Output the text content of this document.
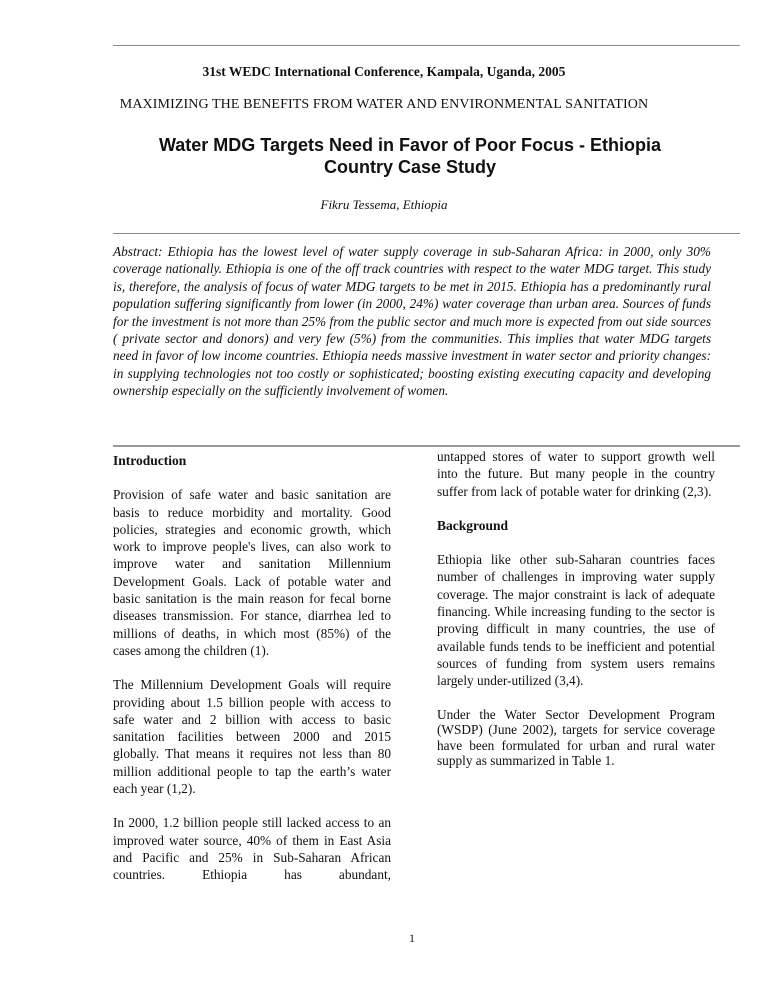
31st WEDC International Conference, Kampala, Uganda, 2005
MAXIMIZING THE BENEFITS FROM WATER AND ENVIRONMENTAL SANITATION
Water MDG Targets Need in Favor of Poor Focus - Ethiopia Country Case Study
Fikru Tessema, Ethiopia

Abstract: Ethiopia has the lowest level of water supply coverage in sub-Saharan Africa: in 2000, only 30% coverage nationally. Ethiopia is one of the off track countries with respect to the water MDG target. This study is, therefore, the analysis of focus of water MDG targets to be met in 2015. Ethiopia has a predominantly rural population suffering significantly from lower (in 2000, 24%) water coverage than urban area. Sources of funds for the investment is not more than 25% from the public sector and much more is expected from out side sources ( private sector and donors) and very few (5%) from the communities. This implies that water MDG targets need in favor of low income countries. Ethiopia needs massive investment in water sector and priority changes: in supplying technologies not too costly or sophisticated; boosting existing executing capacity and developing ownership especially on the sufficiently involvement of women.

Introduction

Provision of safe water and basic sanitation are basis to reduce morbidity and mortality. Good policies, strategies and economic growth, which work to improve people's lives, can also work to improve water and sanitation Millennium Development Goals. Lack of potable water and basic sanitation is the main reason for fecal borne diseases transmission. For stance, diarrhea led to millions of deaths, in which most (85%) of the cases among the children (1).

The Millennium Development Goals will require providing about 1.5 billion people with access to safe water and 2 billion with access to basic sanitation facilities between 2000 and 2015 globally. That means it requires not less than 80 million additional people to tap the earth’s water each year (1,2).

In 2000, 1.2 billion people still lacked access to an improved water source, 40% of them in East Asia and Pacific and 25% in Sub-Saharan African countries. Ethiopia has abundant,

untapped stores of water to support growth well into the future. But many people in the country suffer from lack of potable water for drinking (2,3).

Background

Ethiopia like other sub-Saharan countries faces number of challenges in improving water supply coverage. The major constraint is lack of adequate financing. While increasing funding to the sector is proving difficult in many countries, the use of available funds tends to be inefficient and potential sources of funding from system users remains largely under-utilized (3,4).

Under the Water Sector Development Program (WSDP) (June 2002), targets for service coverage have been formulated for urban and rural water supply as summarized in Table 1.

1
